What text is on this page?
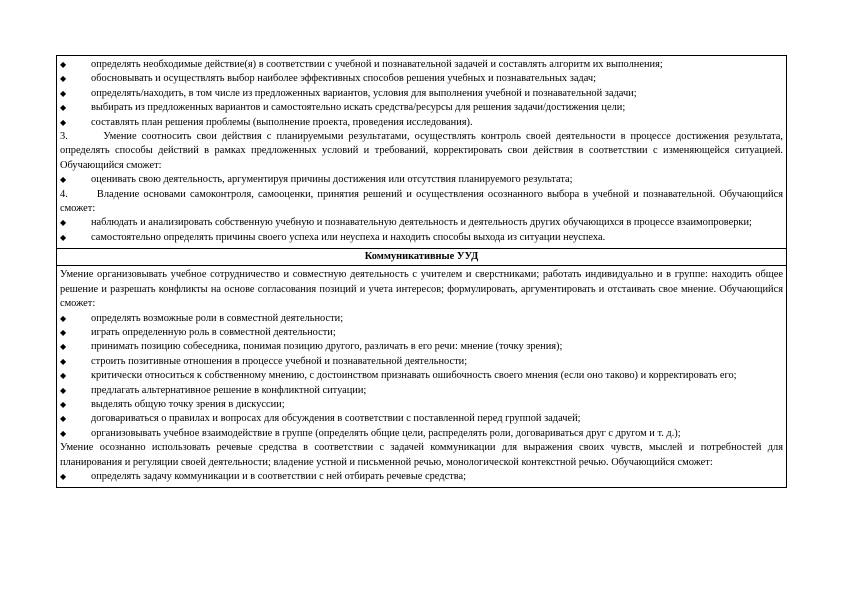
◆	определять необходимые действие(я) в соответствии с учебной и познавательной задачей и составлять алгоритм их выполнения;
◆	обосновывать и осуществлять выбор наиболее эффективных способов решения учебных и познавательных задач;
◆	определять/находить, в том числе из предложенных вариантов, условия для выполнения учебной и познавательной задачи;
◆	выбирать из предложенных вариантов и самостоятельно искать средства/ресурсы для решения задачи/достижения цели;
◆	составлять план решения проблемы (выполнение проекта, проведения исследования).
3.       Умение соотносить свои действия с планируемыми результатами, осуществлять контроль своей деятельности в процессе достижения результата, определять способы действий в рамках предложенных условий и требований, корректировать свои действия в соответствии с изменяющейся ситуацией. Обучающийся сможет:
◆	оценивать свою деятельность, аргументируя причины достижения или отсутствия планируемого результата;
4.       Владение основами самоконтроля, самооценки, принятия решений и осуществления осознанного выбора в учебной и познавательной. Обучающийся сможет:
◆	наблюдать и анализировать собственную учебную и познавательную деятельность и деятельность других обучающихся в процессе взаимопроверки;
◆	самостоятельно определять причины своего успеха или неуспеха и находить способы выхода из ситуации неуспеха.
Коммуникативные УУД
Умение организовывать учебное сотрудничество и совместную деятельность с учителем и сверстниками; работать индивидуально и в группе: находить общее решение и разрешать конфликты на основе согласования позиций и учета интересов; формулировать, аргументировать и отстаивать свое мнение. Обучающийся сможет:
◆	определять возможные роли в совместной деятельности;
◆	играть определенную роль в совместной деятельности;
◆	принимать позицию собеседника, понимая позицию другого, различать в его речи: мнение (точку зрения);
◆	строить позитивные отношения в процессе учебной и познавательной деятельности;
◆	критически относиться к собственному мнению, с достоинством признавать ошибочность своего мнения (если оно таково) и корректировать его;
◆	предлагать альтернативное решение в конфликтной ситуации;
◆	выделять общую точку зрения в дискуссии;
◆	договариваться о правилах и вопросах для обсуждения в соответствии с поставленной перед группой задачей;
◆	организовывать учебное взаимодействие в группе (определять общие цели, распределять роли, договариваться друг с другом и т. д.);
Умение осознанно использовать речевые средства в соответствии с задачей коммуникации для выражения своих чувств, мыслей и потребностей для планирования и регуляции своей деятельности; владение устной и письменной речью, монологической контекстной речью. Обучающийся сможет:
◆	определять задачу коммуникации и в соответствии с ней отбирать речевые средства;
